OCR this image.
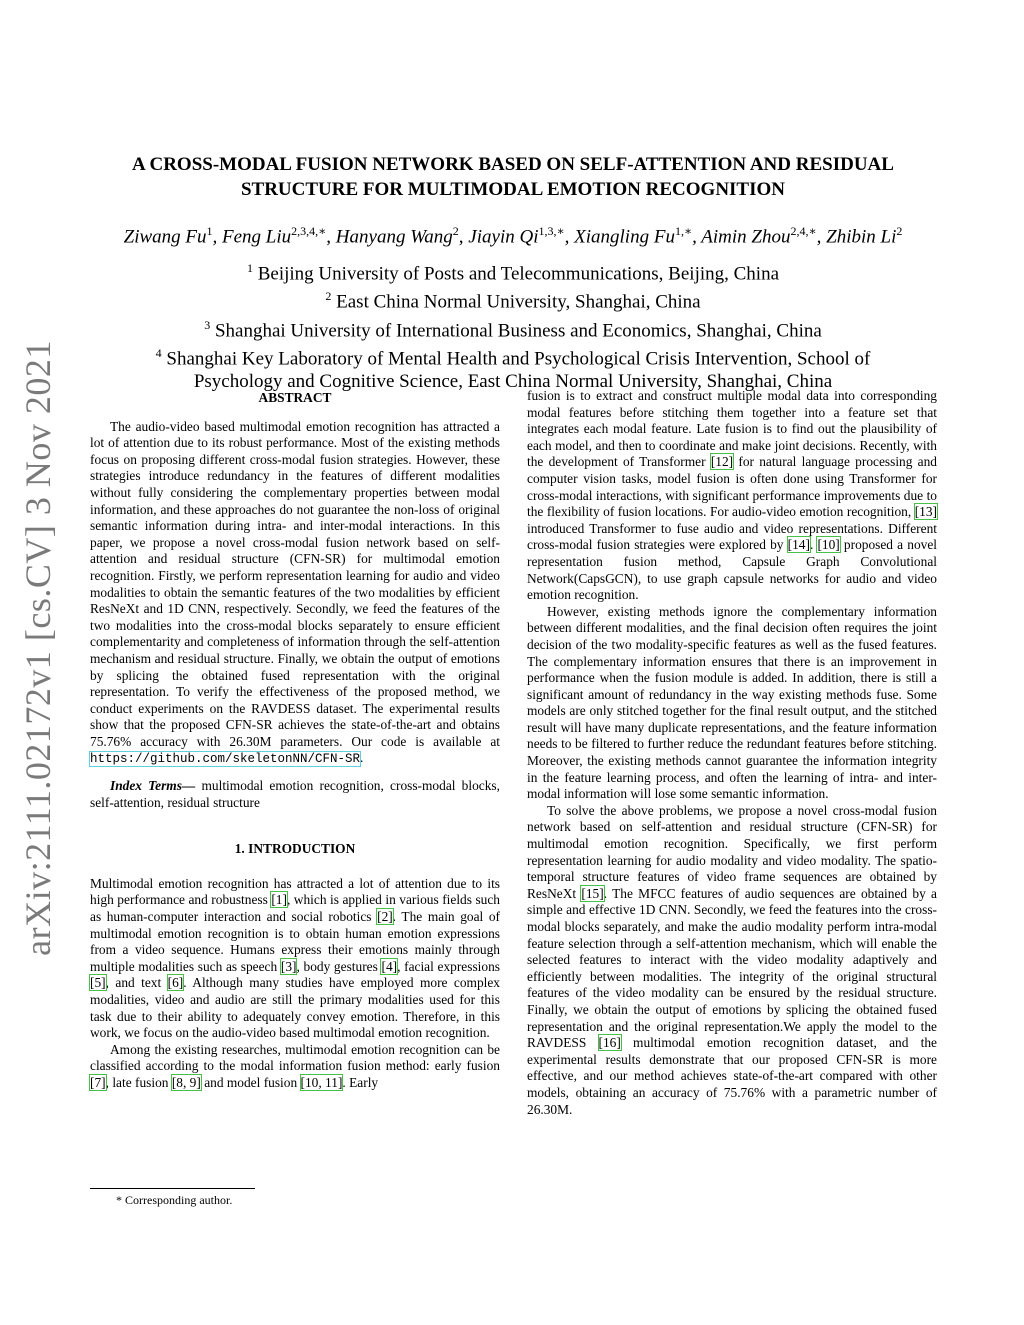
arXiv:2111.02172v1 [cs.CV] 3 Nov 2021
A CROSS-MODAL FUSION NETWORK BASED ON SELF-ATTENTION AND RESIDUAL
STRUCTURE FOR MULTIMODAL EMOTION RECOGNITION
Ziwang Fu$^1$, Feng Liu$^{2,3,4,∗}$, Hanyang Wang$^2$, Jiayin $Qi^{1,3,∗}$, Xiangling $Fu^{1,∗}$, Aimin Zhou$^{2,4,∗}$, Zhibin Li$^2$
$^1$ Beijing University of Posts and Telecommunications, Beijing, China
$^2$ East China Normal University, Shanghai, China
$^3$ Shanghai University of International Business and Economics, Shanghai, China
$^4$ Shanghai Key Laboratory of Mental Health and Psychological Crisis Intervention, School of
Psychology and Cognitive Science, East China Normal University, Shanghai, China
ABSTRACT

The audio-video based multimodal emotion recognition has attracted a lot of attention due to its robust performance. Most of the existing methods focus on proposing different cross-modal fusion strategies. However, these strategies introduce redundancy in the features of different modalities without fully considering the complementary properties between modal information, and these approaches do not guarantee the non-loss of original semantic information during intra- and inter-modal interactions. In this paper, we propose a novel cross-modal fusion network based on self-attention and residual structure (CFN-SR) for multimodal emotion recognition. Firstly, we perform representation learning for audio and video modalities to obtain the semantic features of the two modalities by efficient ResNeXt and 1D CNN, respectively. Secondly, we feed the features of the two modalities into the cross-modal blocks separately to ensure efficient complementarity and completeness of information through the self-attention mechanism and residual structure. Finally, we obtain the output of emotions by splicing the obtained fused representation with the original representation. To verify the effectiveness of the proposed method, we conduct experiments on the RAVDESS dataset. The experimental results show that the proposed CFN-SR achieves the state-of-the-art and obtains 75.76% accuracy with 26.30M parameters. Our code is available at https://github.com/skeletonNN/CFN-SR.

Index Terms— multimodal emotion recognition, cross-modal blocks, self-attention, residual structure

1. INTRODUCTION

Multimodal emotion recognition has attracted a lot of attention due to its high performance and robustness [1], which is applied in various fields such as human-computer interaction and social robotics [2]. The main goal of multimodal emotion recognition is to obtain human emotion expressions from a video sequence. Humans express their emotions mainly through multiple modalities such as speech [3], body gestures [4], facial expressions [5], and text [6]. Although many studies have employed more complex modalities, video and audio are still the primary modalities used for this task due to their ability to adequately convey emotion. Therefore, in this work, we focus on the audio-video based multimodal emotion recognition.

Among the existing researches, multimodal emotion recognition can be classified according to the modal information fusion method: early fusion [7], late fusion [8, 9] and model fusion [10, 11]. Early

fusion is to extract and construct multiple modal data into corresponding modal features before stitching them together into a feature set that integrates each modal feature. Late fusion is to find out the plausibility of each model, and then to coordinate and make joint decisions. Recently, with the development of Transformer [12] for natural language processing and computer vision tasks, model fusion is often done using Transformer for cross-modal interactions, with significant performance improvements due to the flexibility of fusion locations. For audio-video emotion recognition, [13] introduced Transformer to fuse audio and video representations. Different cross-modal fusion strategies were explored by [14]. [10] proposed a novel representation fusion method, Capsule Graph Convolutional Network(CapsGCN), to use graph capsule networks for audio and video emotion recognition.

However, existing methods ignore the complementary information between different modalities, and the final decision often requires the joint decision of the two modality-specific features as well as the fused features. The complementary information ensures that there is an improvement in performance when the fusion module is added. In addition, there is still a significant amount of redundancy in the way existing methods fuse. Some models are only stitched together for the final result output, and the stitched result will have many duplicate representations, and the feature information needs to be filtered to further reduce the redundant features before stitching. Moreover, the existing methods cannot guarantee the information integrity in the feature learning process, and often the learning of intra- and inter-modal information will lose some semantic information.

To solve the above problems, we propose a novel cross-modal fusion network based on self-attention and residual structure (CFN-SR) for multimodal emotion recognition. Specifically, we first perform representation learning for audio modality and video modality. The spatio-temporal structure features of video frame sequences are obtained by ResNeXt [15]. The MFCC features of audio sequences are obtained by a simple and effective 1D CNN. Secondly, we feed the features into the cross-modal blocks separately, and make the audio modality perform intra-modal feature selection through a self-attention mechanism, which will enable the selected features to interact with the video modality adaptively and efficiently between modalities. The integrity of the original structural features of the video modality can be ensured by the residual structure. Finally, we obtain the output of emotions by splicing the obtained fused representation and the original representation.We apply the model to the RAVDESS [16] multimodal emotion recognition dataset, and the experimental results demonstrate that our proposed CFN-SR is more effective, and our method achieves state-of-the-art compared with other models, obtaining an accuracy of 75.76% with a parametric number of 26.30M.

* Corresponding author.
